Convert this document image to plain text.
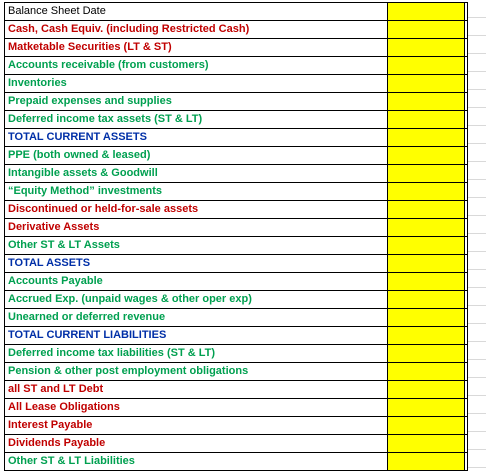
Balance Sheet Date
Cash, Cash Equiv. (including Restricted Cash)
Matketable Securities (LT & ST)
Accounts receivable (from customers)
Inventories
Prepaid expenses and supplies
Deferred income tax assets (ST & LT)
TOTAL CURRENT ASSETS
PPE (both owned & leased)
Intangible assets & Goodwill
“Equity Method” investments
Discontinued or held-for-sale assets
Derivative Assets
Other ST & LT Assets
TOTAL ASSETS
Accounts Payable
Accrued Exp. (unpaid wages & other oper exp)
Unearned or deferred revenue
TOTAL CURRENT LIABILITIES
Deferred income tax liabilities (ST & LT)
Pension & other post employment obligations
all ST and LT Debt
All Lease Obligations
Interest Payable
Dividends Payable
Other ST & LT Liabilities
